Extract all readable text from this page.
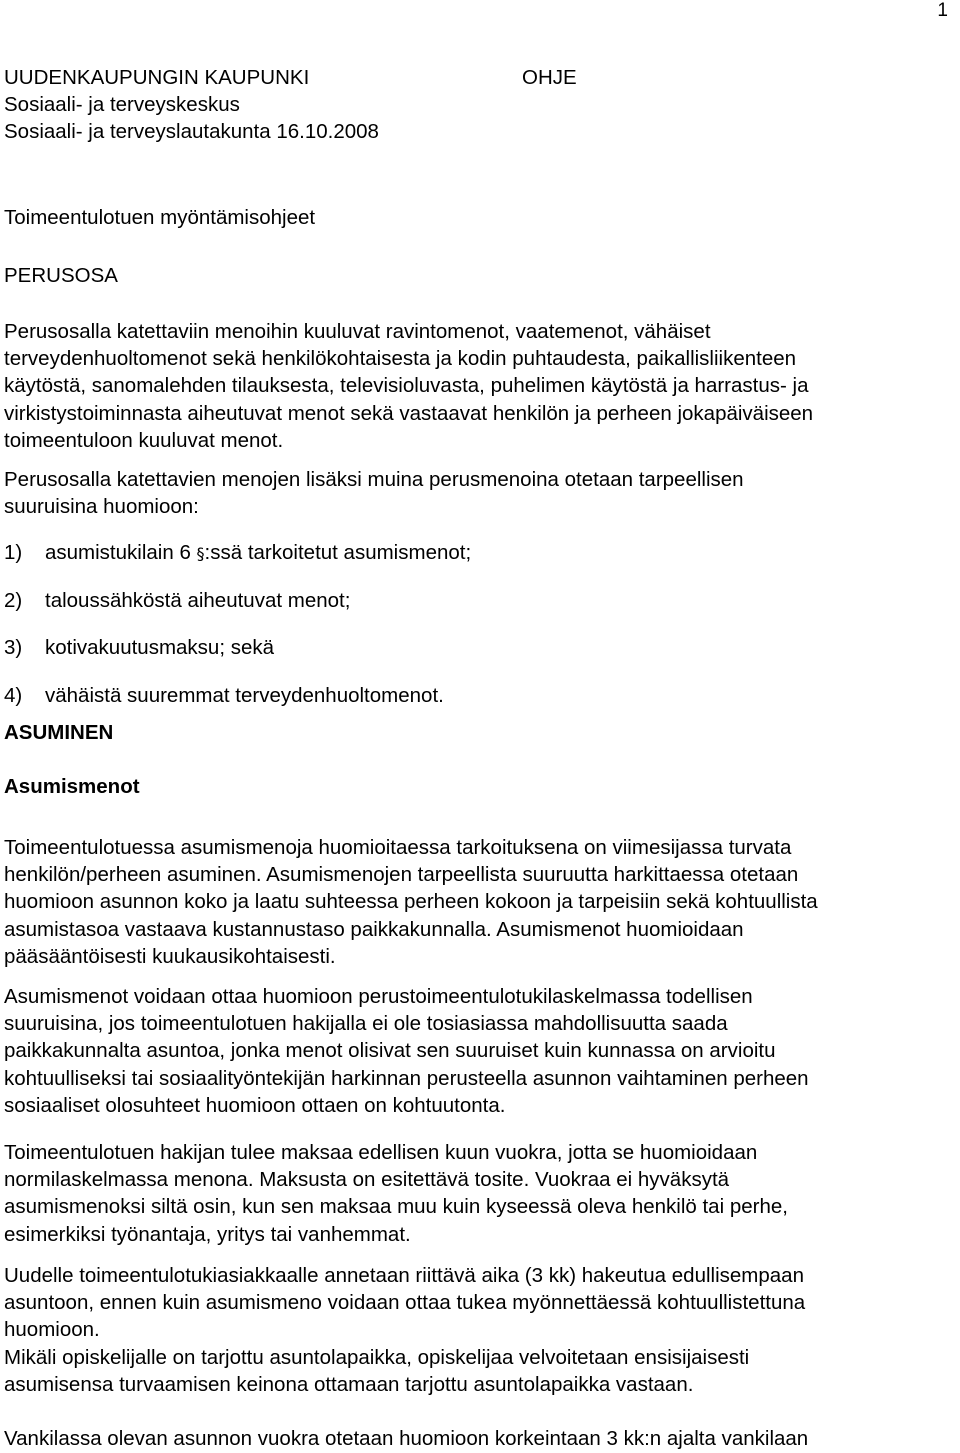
1
UUDENKAUPUNGIN KAUPUNKI
Sosiaali- ja terveyskeskus
Sosiaali- ja terveyslautakunta 16.10.2008
OHJE
Toimeentulotuen myöntämisohjeet
PERUSOSA
Perusosalla katettaviin menoihin kuuluvat ravintomenot, vaatemenot, vähäiset
terveydenhuoltomenot sekä henkilökohtaisesta ja kodin puhtaudesta, paikallisliikenteen
käytöstä, sanomalehden tilauksesta, televisioluvasta, puhelimen käytöstä ja harrastus- ja
virkistystoiminnasta aiheutuvat menot sekä vastaavat henkilön ja perheen jokapäiväiseen
toimeentuloon kuuluvat menot.
Perusosalla katettavien menojen lisäksi muina perusmenoina otetaan tarpeellisen
suuruisina huomioon:
1) asumistukilain 6 §:ssä tarkoitetut asumismenot;
2) taloussähköstä aiheutuvat menot;
3) kotivakuutusmaksu; sekä
4) vähäistä suuremmat terveydenhuoltomenot.
ASUMINEN
Asumismenot
Toimeentulotuessa asumismenoja huomioitaessa tarkoituksena on viimesijassa turvata
henkilön/perheen asuminen. Asumismenojen tarpeellista suuruutta harkittaessa otetaan
huomioon asunnon koko ja laatu suhteessa perheen kokoon ja tarpeisiin sekä kohtuullista
asumistasoa vastaava kustannustaso paikkakunnalla. Asumismenot huomioidaan
pääsääntöisesti kuukausikohtaisesti.
Asumismenot voidaan ottaa huomioon perustoimeentulotukilaskelmassa todellisen
suuruisina, jos toimeentulotuen hakijalla ei ole tosiasiassa mahdollisuutta saada
paikkakunnalta asuntoa, jonka menot olisivat sen suuruiset kuin kunnassa on arvioitu
kohtuulliseksi tai sosiaalityöntekijän harkinnan perusteella asunnon vaihtaminen perheen
sosiaaliset olosuhteet huomioon ottaen on kohtuutonta.
Toimeentulotuen hakijan tulee maksaa edellisen kuun vuokra, jotta se huomioidaan
normilaskelmassa menona. Maksusta on esitettävä tosite. Vuokraa ei hyväksytä
asumismenoksi siltä osin, kun sen maksaa muu kuin kyseessä oleva henkilö tai perhe,
esimerkiksi työnantaja, yritys tai vanhemmat.
Uudelle toimeentulotukiasiakkaalle annetaan riittävä aika (3 kk) hakeutua edullisempaan
asuntoon, ennen kuin asumismeno voidaan ottaa tukea myönnettäessä kohtuullistettuna
huomioon.
Mikäli opiskelijalle on tarjottu asuntolapaikka, opiskelijaa velvoitetaan ensisijaisesti
asumisensa turvaamisen keinona ottamaan tarjottu asuntolapaikka vastaan.
Vankilassa olevan asunnon vuokra otetaan huomioon korkeintaan 3 kk:n ajalta vankilaan
